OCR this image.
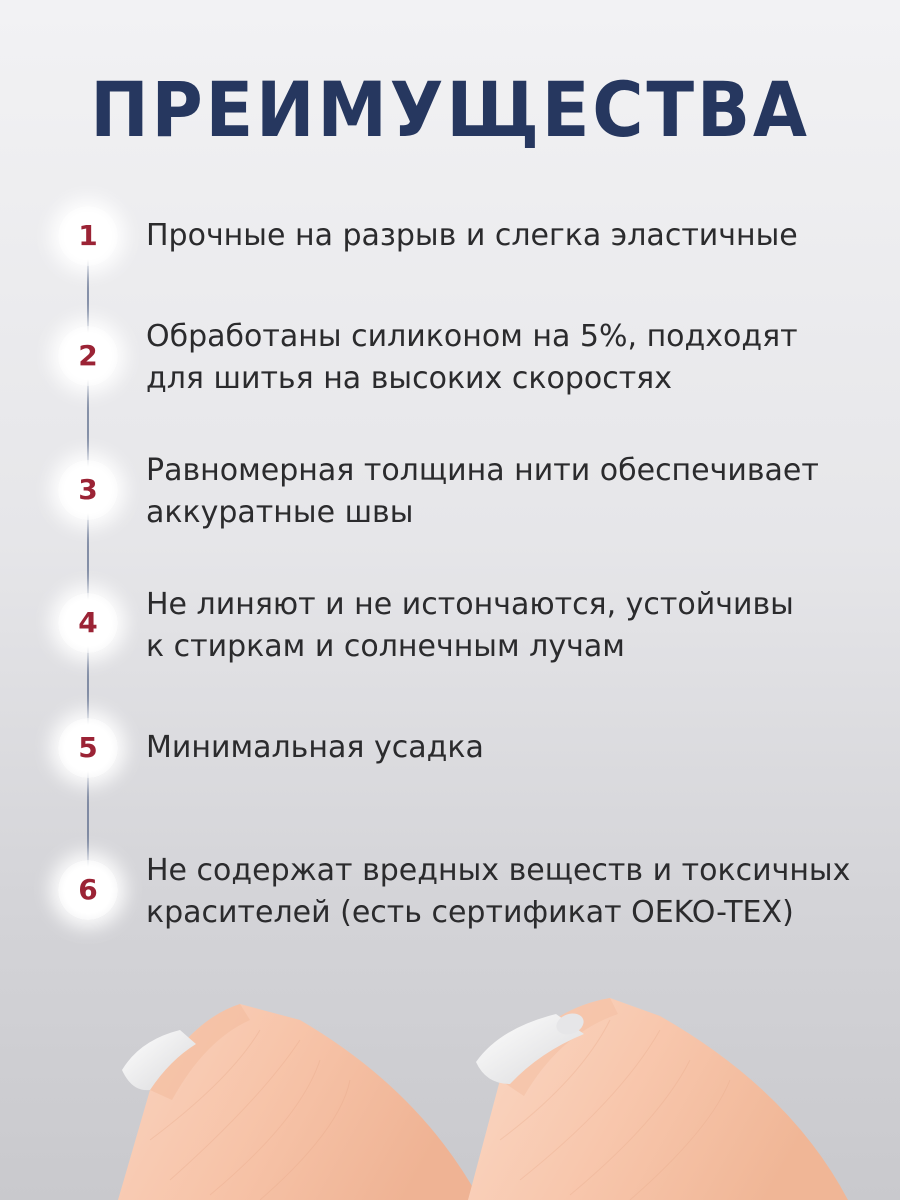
ПРЕИМУЩЕСТВА
1 Прочные на разрыв и слегка эластичные

2

Обработаны силиконом на 5%, подходят
для шитья на высоких скоростях

3

Равномерная толщина нити обеспечивает
аккуратные швы

4

Не линяют и не истончаются, устойчивы
к стиркам и солнечным лучам

5 Минимальная усадка

6

Не содержат вредных веществ и токсичных
красителей (есть сертификат OEKO-TEX)
